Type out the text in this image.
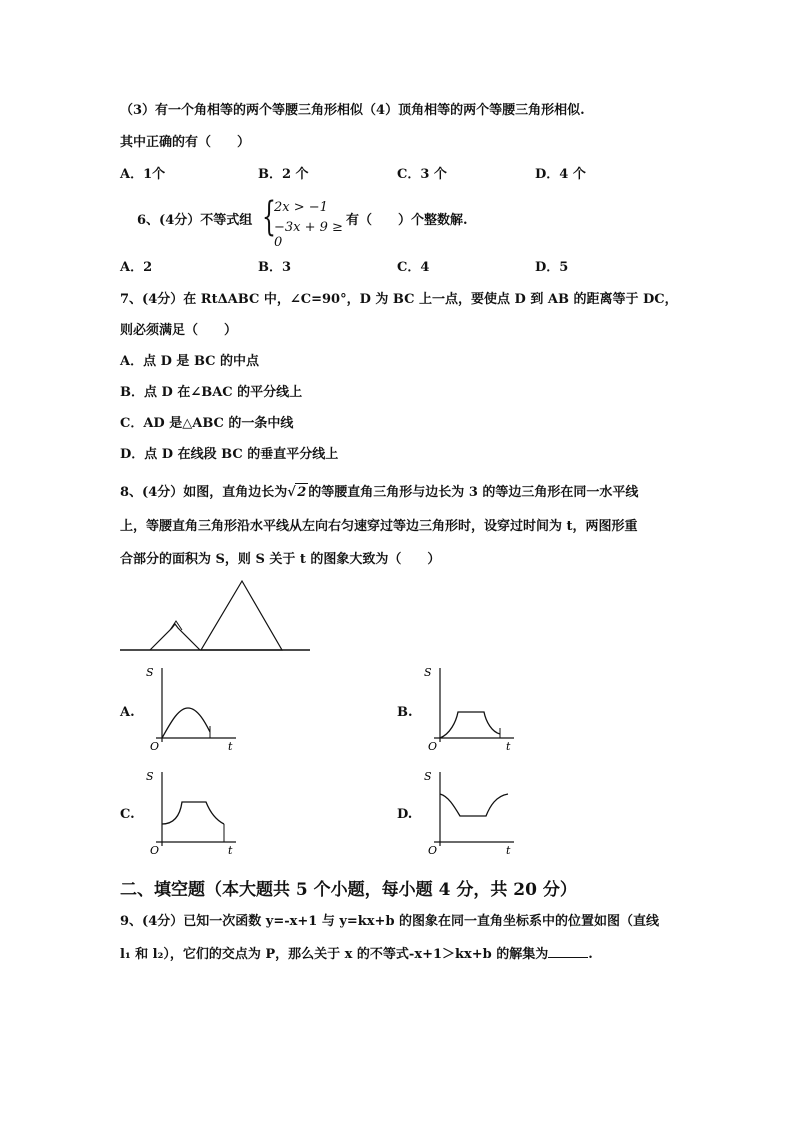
（3）有一个角相等的两个等腰三角形相似（4）顶角相等的两个等腰三角形相似.
其中正确的有（　　）
A．1个	B．2 个	C．3 个	D．4 个
6、(4分）不等式组 {
2x > −1
−3x + 9 ≥ 0
有（　　）个整数解.
A．2	B．3	C．4	D．5
7、(4分）在 RtΔABC 中，∠C=90°，D 为 BC 上一点，要使点 D 到 AB 的距离等于 DC，
则必须满足（　　）
A．点 D 是 BC 的中点
B．点 D 在∠BAC 的平分线上
C．AD 是△ABC 的一条中线
D．点 D 在线段 BC 的垂直平分线上
8、(4分）如图，直角边长为 √ 2 的等腰直角三角形与边长为 3 的等边三角形在同一水平线
上，等腰直角三角形沿水平线从左向右匀速穿过等边三角形时，设穿过时间为 t，两图形重
合部分的面积为 S，则 S 关于 t 的图象大致为（　　）
A.
S
O	t
B.
S
O	t
C.
S
O	t
D.
S
O	t
二、填空题（本大题共 5 个小题，每小题 4 分，共 20 分）
9、(4分）已知一次函数 y=-x+1 与 y=kx+b 的图象在同一直角坐标系中的位置如图（直线
l₁ 和 l₂），它们的交点为 P，那么关于 x 的不等式-x+1＞kx+b 的解集为	.
